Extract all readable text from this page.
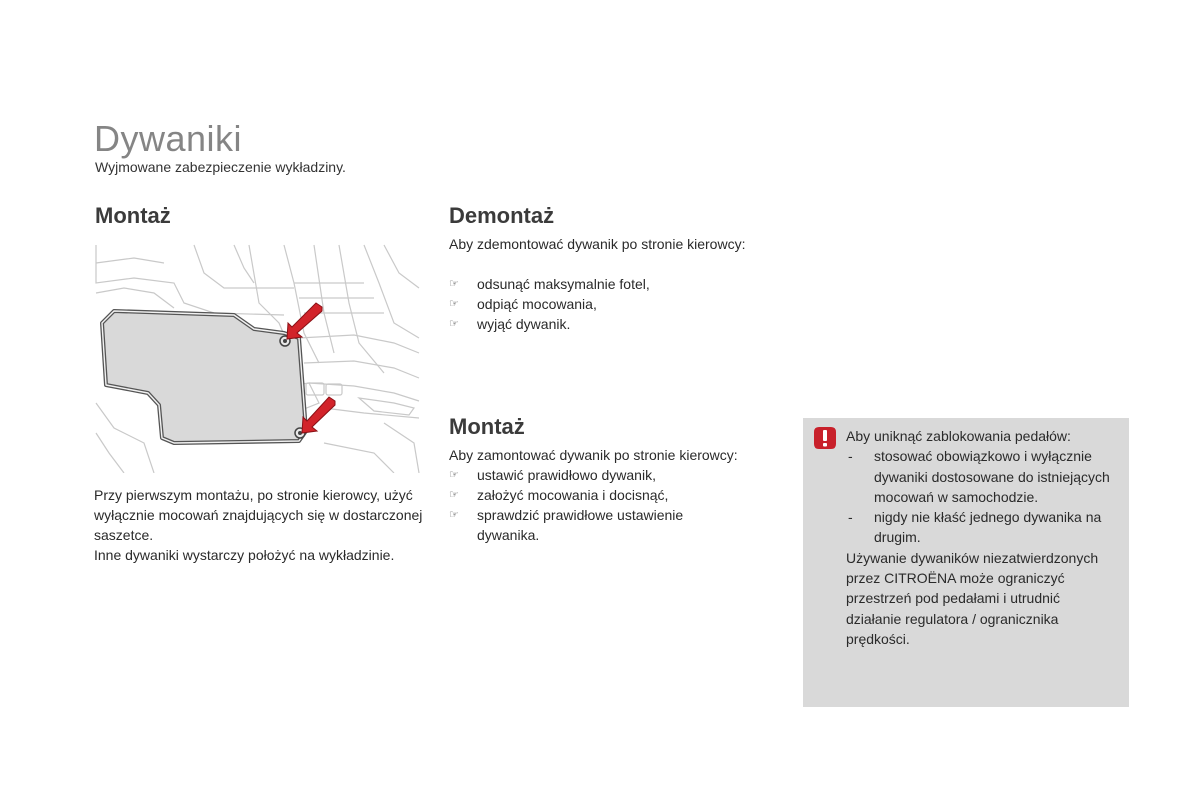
Dywaniki

Wyjmowane zabezpieczenie wykładziny.

Montaż

Przy pierwszym montażu, po stronie kierowcy, użyć wyłącznie mocowań znajdujących się w dostarczonej saszetce.

Inne dywaniki wystarczy położyć na wykładzinie.

Demontaż

Aby zdemontować dywanik po stronie kierowcy:

☞ odsunąć maksymalnie fotel,
☞ odpiąć mocowania,
☞ wyjąć dywanik.
Montaż

Aby zamontować dywanik po stronie kierowcy:

☞ ustawić prawidłowo dywanik,
☞ założyć mocowania i docisnąć,
☞ sprawdzić prawidłowe ustawienie dywanika.
Aby uniknąć zablokowania pedałów:
- stosować obowiązkowo i wyłącznie dywaniki dostosowane do istniejących mocowań w samochodzie.
- nigdy nie kłaść jednego dywanika na drugim.
Używanie dywaników niezatwierdzonych przez CITROËNA może ograniczyć przestrzeń pod pedałami i utrudnić działanie regulatora / ogranicznika prędkości.
